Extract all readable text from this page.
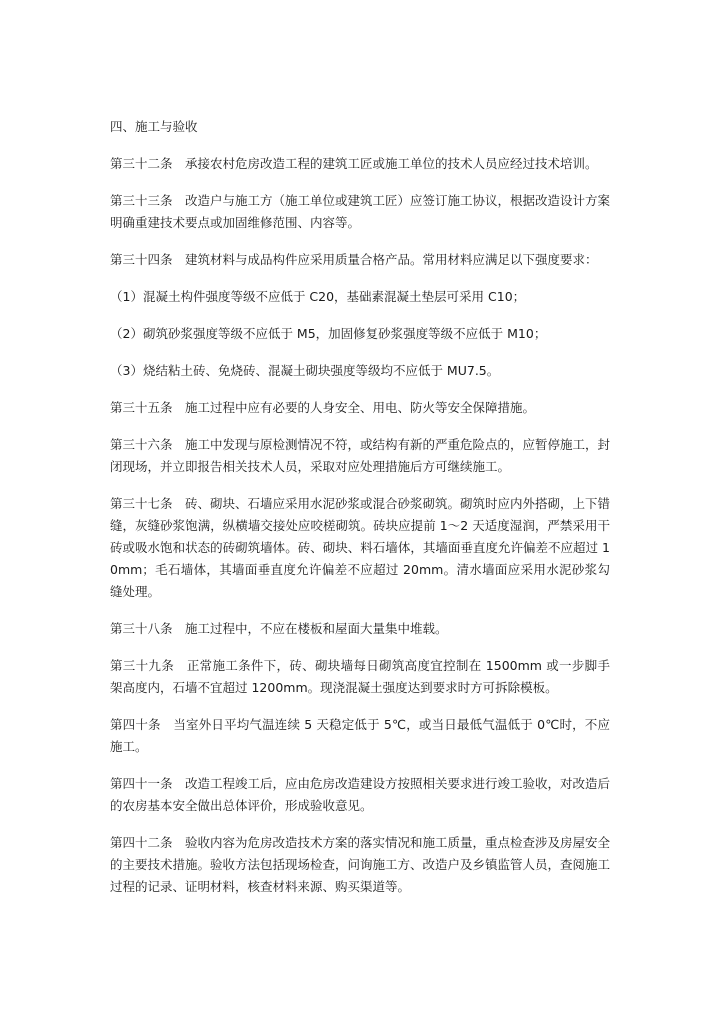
四、施工与验收

第三十二条　承接农村危房改造工程的建筑工匠或施工单位的技术人员应经过技术培训。

第三十三条　改造户与施工方（施工单位或建筑工匠）应签订施工协议，根据改造设计方案明确重建技术要点或加固维修范围、内容等。

第三十四条　建筑材料与成品构件应采用质量合格产品。常用材料应满足以下强度要求：

（1）混凝土构件强度等级不应低于 C20，基础素混凝土垫层可采用 C10；

（2）砌筑砂浆强度等级不应低于 M5，加固修复砂浆强度等级不应低于 M10；

（3）烧结粘土砖、免烧砖、混凝土砌块强度等级均不应低于 MU7.5。

第三十五条　施工过程中应有必要的人身安全、用电、防火等安全保障措施。

第三十六条　施工中发现与原检测情况不符，或结构有新的严重危险点的，应暂停施工，封闭现场，并立即报告相关技术人员，采取对应处理措施后方可继续施工。

第三十七条　砖、砌块、石墙应采用水泥砂浆或混合砂浆砌筑。砌筑时应内外搭砌，上下错缝，灰缝砂浆饱满，纵横墙交接处应咬槎砌筑。砖块应提前 1～2 天适度湿润，严禁采用干砖或吸水饱和状态的砖砌筑墙体。砖、砌块、料石墙体，其墙面垂直度允许偏差不应超过 10mm；毛石墙体，其墙面垂直度允许偏差不应超过 20mm。清水墙面应采用水泥砂浆勾缝处理。

第三十八条　施工过程中，不应在楼板和屋面大量集中堆载。

第三十九条　正常施工条件下，砖、砌块墙每日砌筑高度宜控制在 1500mm 或一步脚手架高度内，石墙不宜超过 1200mm。现浇混凝土强度达到要求时方可拆除模板。

第四十条　当室外日平均气温连续 5 天稳定低于 5℃，或当日最低气温低于 0℃时，不应施工。

第四十一条　改造工程竣工后，应由危房改造建设方按照相关要求进行竣工验收，对改造后的农房基本安全做出总体评价，形成验收意见。

第四十二条　验收内容为危房改造技术方案的落实情况和施工质量，重点检查涉及房屋安全的主要技术措施。验收方法包括现场检查，问询施工方、改造户及乡镇监管人员，查阅施工过程的记录、证明材料，核查材料来源、购买渠道等。
